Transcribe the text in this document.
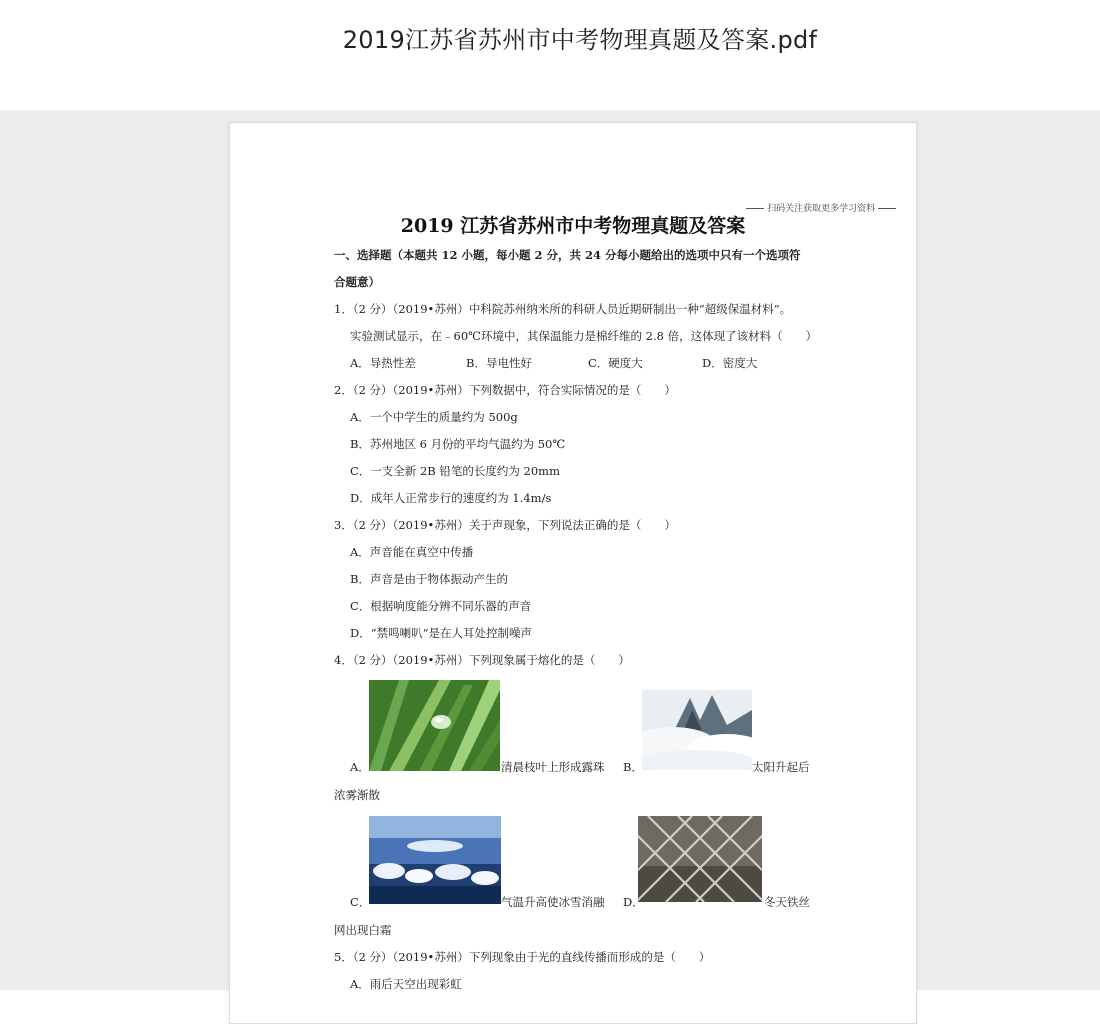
2019江苏省苏州市中考物理真题及答案.pdf
扫码关注获取更多学习资料
2019 江苏省苏州市中考物理真题及答案
一、选择题（本题共 12 小题，每小题 2 分，共 24 分每小题给出的选项中只有一个选项符
合题意）
1．（2 分）（2019•苏州）中科院苏州纳米所的科研人员近期研制出一种“超级保温材料”。
实验测试显示，在﹣60℃环境中，其保温能力是棉纤维的 2.8 倍，这体现了该材料（　　）
A．导热性差	B．导电性好	C．硬度大	D．密度大
2．（2 分）（2019•苏州）下列数据中，符合实际情况的是（　　）
A．一个中学生的质量约为 500g
B．苏州地区 6 月份的平均气温约为 50℃
C．一支全新 2B 铅笔的长度约为 20mm
D．成年人正常步行的速度约为 1.4m/s
3．（2 分）（2019•苏州）关于声现象，下列说法正确的是（　　）
A．声音能在真空中传播
B．声音是由于物体振动产生的
C．根据响度能分辨不同乐器的声音
D．“禁鸣喇叭“是在人耳处控制噪声
4．（2 分）（2019•苏州）下列现象属于熔化的是（　　）
A．	清晨枝叶上形成露珠 B．	太阳升起后
浓雾渐散
C．	气温升高使冰雪消融 D．	冬天铁丝
网出现白霜
5．（2 分）（2019•苏州）下列现象由于光的直线传播而形成的是（　　）
A．雨后天空出现彩虹
